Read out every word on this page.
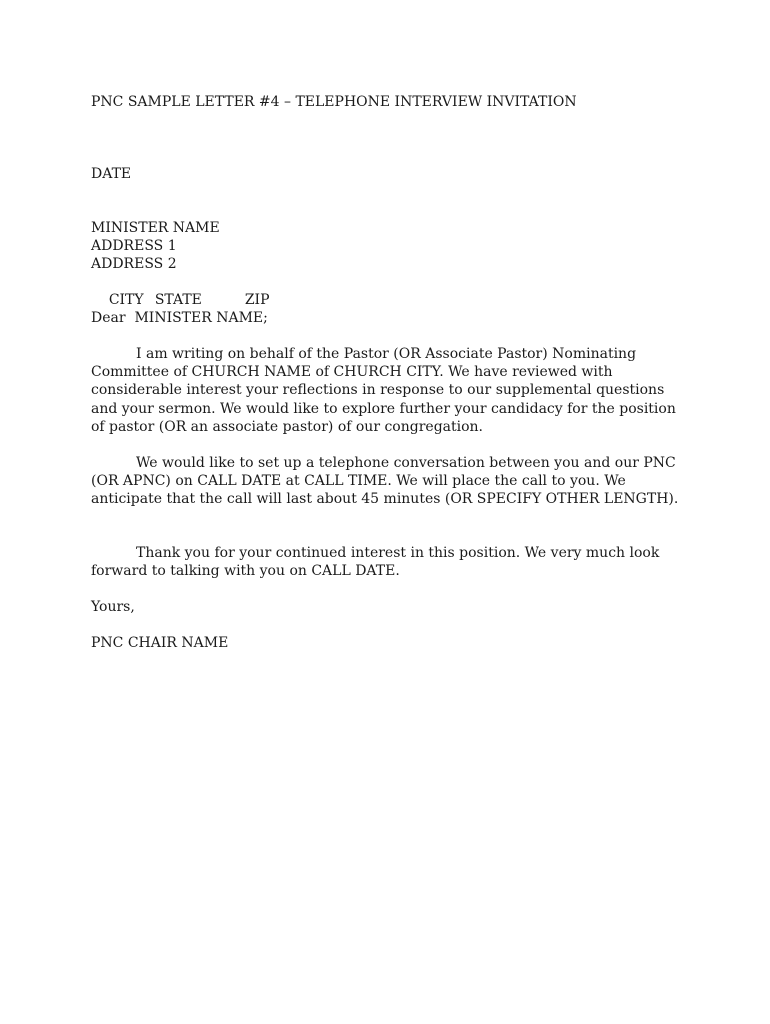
PNC SAMPLE LETTER #4 – TELEPHONE INTERVIEW INVITATION
DATE
MINISTER NAME
ADDRESS 1
ADDRESS 2

CITY STATE	ZIP

Dear  MINISTER NAME;

I am writing on behalf of the Pastor (OR Associate Pastor) Nominating Committee of CHURCH NAME of CHURCH CITY. We have reviewed with considerable interest your reflections in response to our supplemental questions and your sermon. We would like to explore further your candidacy for the position of pastor (OR an associate pastor) of our congregation.

We would like to set up a telephone conversation between you and our PNC (OR APNC) on CALL DATE at CALL TIME. We will place the call to you. We anticipate that the call will last about 45 minutes (OR SPECIFY OTHER LENGTH).

Thank you for your continued interest in this position. We very much look forward to talking with you on CALL DATE.

Yours,
PNC CHAIR NAME
